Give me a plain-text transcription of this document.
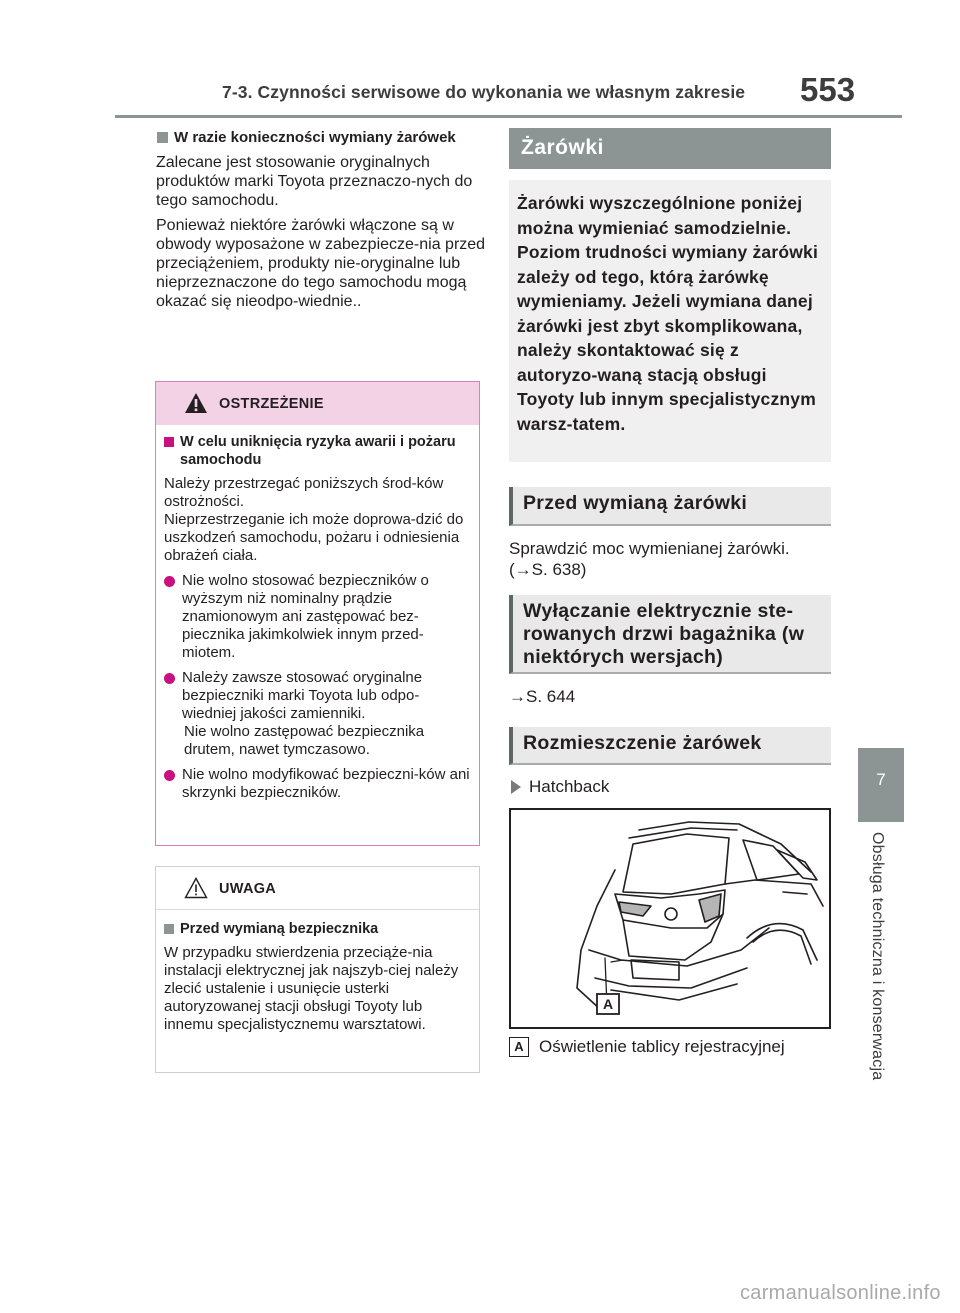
7-3. Czynności serwisowe do wykonania we własnym zakresie 553
7
Obsługa techniczna i konserwacja
W razie konieczności wymiany żarówek

Zalecane jest stosowanie oryginalnych produktów marki Toyota przeznaczo-nych do tego samochodu.

Ponieważ niektóre żarówki włączone są w obwody wyposażone w zabezpiecze-nia przed przeciążeniem, produkty nie-oryginalne lub nieprzeznaczone do tego samochodu mogą okazać się nieodpo-wiednie..

OSTRZEŻENIE
W celu uniknięcia ryzyka awarii i pożaru samochodu

Należy przestrzegać poniższych środ-ków ostrożności.
Nieprzestrzeganie ich może doprowa-dzić do uszkodzeń samochodu, pożaru i odniesienia obrażeń ciała.

Nie wolno stosować bezpieczników o wyższym niż nominalny prądzie znamionowym ani zastępować bez-piecznika jakimkolwiek innym przed-miotem.
Należy zawsze stosować oryginalne bezpieczniki marki Toyota lub odpo-wiedniej jakości zamienniki.
Nie wolno zastępować bezpiecznika drutem, nawet tymczasowo.
Nie wolno modyfikować bezpieczni-ków ani skrzynki bezpieczników.
UWAGA
Przed wymianą bezpiecznika

W przypadku stwierdzenia przeciąże-nia instalacji elektrycznej jak najszyb-ciej należy zlecić ustalenie i usunięcie usterki autoryzowanej stacji obsługi Toyoty lub innemu specjalistycznemu warsztatowi.

Żarówki
Żarówki wyszczególnione poniżej można wymieniać samodzielnie. Poziom trudności wymiany żarówki zależy od tego, którą żarówkę wymieniamy. Jeżeli wymiana danej żarówki jest zbyt skomplikowana, należy skontaktować się z autoryzo-waną stacją obsługi Toyoty lub innym specjalistycznym warsz-tatem.
Przed wymianą żarówki
Sprawdzić moc wymienianej żarówki. (→S. 638)
Wyłączanie elektrycznie ste-rowanych drzwi bagażnika (w niektórych wersjach)
→S. 644
Rozmieszczenie żarówek
Hatchback
A
A Oświetlenie tablicy rejestracyjnej
carmanualsonline.info
